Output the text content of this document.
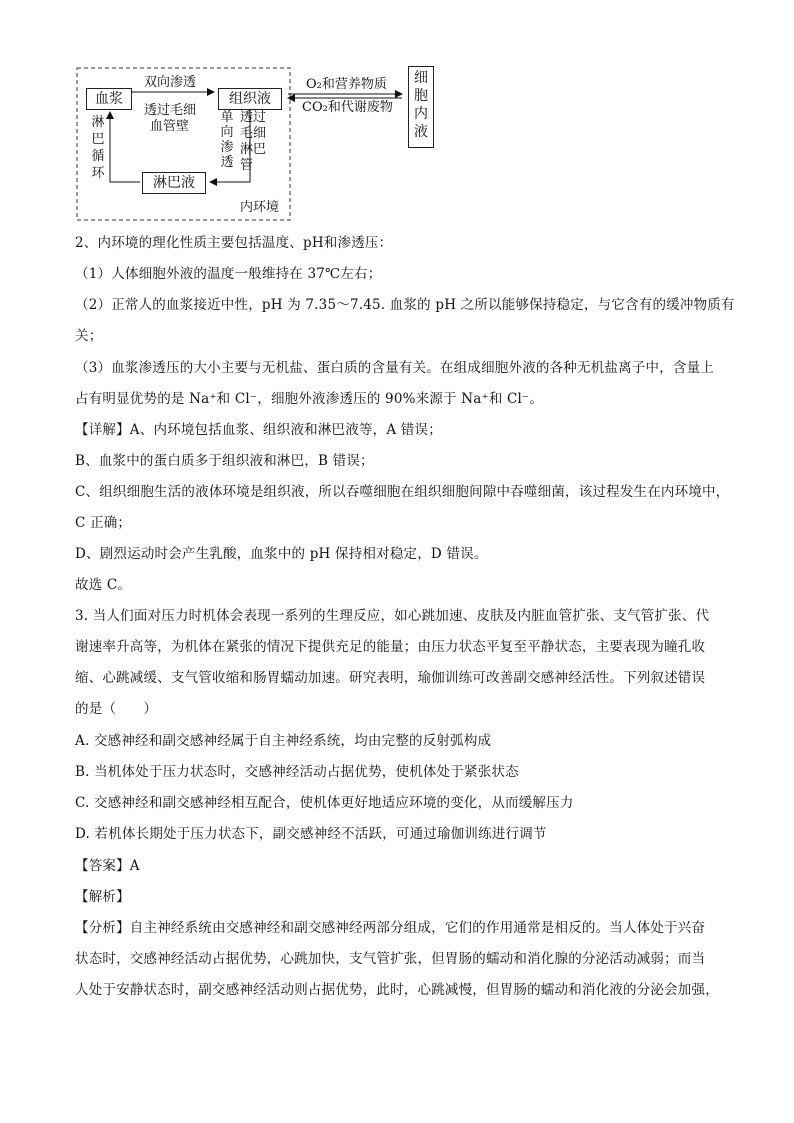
血浆	组织液
淋巴液
细胞内液
双向渗透
透过毛细
血管壁
单向渗透
透过毛细淋巴管
淋巴循环
O₂和营养物质
CO₂和代谢废物
内环境
2、内环境的理化性质主要包括温度、pH和渗透压：
（1）人体细胞外液的温度一般维持在 37℃左右；
（2）正常人的血浆接近中性，pH 为 7.35～7.45. 血浆的 pH 之所以能够保持稳定，与它含有的缓冲物质有
关；
（3）血浆渗透压的大小主要与无机盐、蛋白质的含量有关。在组成细胞外液的各种无机盐离子中，含量上
占有明显优势的是 Na⁺和 Cl⁻，细胞外液渗透压的 90%来源于 Na⁺和 Cl⁻。
【详解】A、内环境包括血浆、组织液和淋巴液等，A 错误；
B、血浆中的蛋白质多于组织液和淋巴，B 错误；
C、组织细胞生活的液体环境是组织液，所以吞噬细胞在组织细胞间隙中吞噬细菌，该过程发生在内环境中，
C 正确；
D、剧烈运动时会产生乳酸，血浆中的 pH 保持相对稳定，D 错误。
故选 C。
3. 当人们面对压力时机体会表现一系列的生理反应，如心跳加速、皮肤及内脏血管扩张、支气管扩张、代
谢速率升高等，为机体在紧张的情况下提供充足的能量；由压力状态平复至平静状态，主要表现为瞳孔收
缩、心跳减缓、支气管收缩和肠胃蠕动加速。研究表明，瑜伽训练可改善副交感神经活性。下列叙述错误
的是（　　）
A. 交感神经和副交感神经属于自主神经系统，均由完整的反射弧构成
B. 当机体处于压力状态时，交感神经活动占据优势，使机体处于紧张状态
C. 交感神经和副交感神经相互配合，使机体更好地适应环境的变化，从而缓解压力
D. 若机体长期处于压力状态下，副交感神经不活跃，可通过瑜伽训练进行调节
【答案】A
【解析】
【分析】自主神经系统由交感神经和副交感神经两部分组成，它们的作用通常是相反的。当人体处于兴奋
状态时，交感神经活动占据优势，心跳加快，支气管扩张，但胃肠的蠕动和消化腺的分泌活动减弱；而当
人处于安静状态时，副交感神经活动则占据优势，此时，心跳减慢，但胃肠的蠕动和消化液的分泌会加强，
